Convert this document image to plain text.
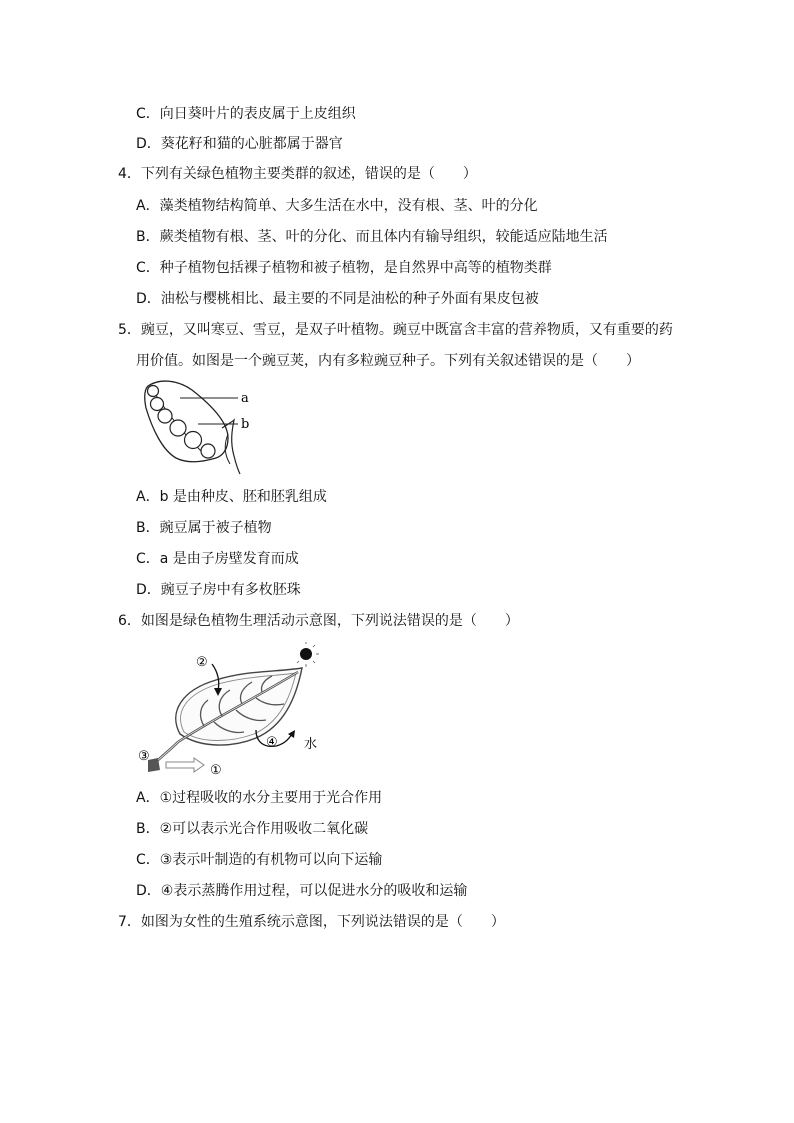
C．向日葵叶片的表皮属于上皮组织
D．葵花籽和猫的心脏都属于器官
4．下列有关绿色植物主要类群的叙述，错误的是（　　）
A．藻类植物结构简单、大多生活在水中，没有根、茎、叶的分化
B．蕨类植物有根、茎、叶的分化、而且体内有输导组织，较能适应陆地生活
C．种子植物包括裸子植物和被子植物，是自然界中高等的植物类群
D．油松与樱桃相比、最主要的不同是油松的种子外面有果皮包被
5．豌豆，又叫寒豆、雪豆，是双子叶植物。豌豆中既富含丰富的营养物质，又有重要的药
用价值。如图是一个豌豆荚，内有多粒豌豆种子。下列有关叙述错误的是（　　）
a
b
A．b 是由种皮、胚和胚乳组成
B．豌豆属于被子植物
C．a 是由子房壁发育而成
D．豌豆子房中有多枚胚珠
6．如图是绿色植物生理活动示意图，下列说法错误的是（　　）
②
④ 水
①
③
A．①过程吸收的水分主要用于光合作用
B．②可以表示光合作用吸收二氧化碳
C．③表示叶制造的有机物可以向下运输
D．④表示蒸腾作用过程，可以促进水分的吸收和运输
7．如图为女性的生殖系统示意图，下列说法错误的是（　　）
